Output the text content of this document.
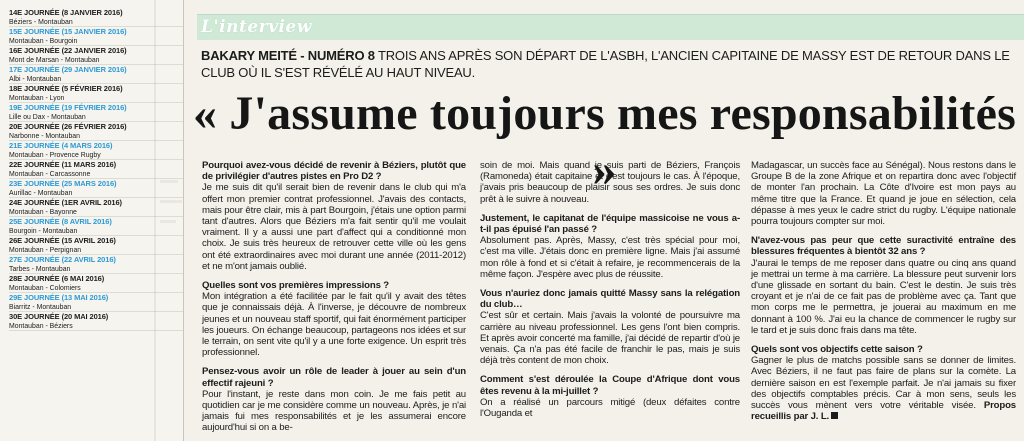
14E JOURNÉE (8 JANVIER 2016)
Béziers - Montauban
15E JOURNÉE (15 JANVIER 2016)
Montauban - Bourgoin
16E JOURNÉE (22 JANVIER 2016)
Mont de Marsan - Montauban
17E JOURNÉE (29 JANVIER 2016)
Albi - Montauban
18E JOURNÉE (5 FÉVRIER 2016)
Montauban - Lyon
19E JOURNÉE (19 FÉVRIER 2016)
Lille ou Dax - Montauban
20E JOURNÉE (26 FÉVRIER 2016)
Narbonne - Montauban
21E JOURNÉE (4 MARS 2016)
Montauban - Provence Rugby
22E JOURNÉE (11 MARS 2016)
Montauban - Carcassonne
23E JOURNÉE (25 MARS 2016)
Aurillac - Montauban
24E JOURNÉE (1ER AVRIL 2016)
Montauban - Bayonne
25E JOURNÉE (8 AVRIL 2016)
Bourgoin - Montauban
26E JOURNÉE (15 AVRIL 2016)
Montauban - Perpignan
27E JOURNÉE (22 AVRIL 2016)
Tarbes - Montauban
28E JOURNÉE (6 MAI 2016)
Montauban - Colomiers
29E JOURNÉE (13 MAI 2016)
Biarritz - Montauban
30E JOURNÉE (20 MAI 2016)
Montauban - Béziers
L'interview
BAKARY MEITÉ - NUMÉRO 8 TROIS ANS APRÈS SON DÉPART DE L'ASBH, L'ANCIEN CAPITAINE DE MASSY EST DE RETOUR DANS LE CLUB OÙ IL S'EST RÉVÉLÉ AU HAUT NIVEAU.
« J'assume toujours mes responsabilités »

Pourquoi avez-vous décidé de revenir à Béziers, plutôt que de privilégier d'autres pistes en Pro D2 ?

Je me suis dit qu'il serait bien de revenir dans le club qui m'a offert mon premier contrat professionnel. J'avais des contacts, mais pour être clair, mis à part Bourgoin, j'étais une option parmi tant d'autres. Alors que Béziers m'a fait sentir qu'il me voulait vraiment. Il y a aussi une part d'affect qui a conditionné mon choix. Je suis très heureux de retrouver cette ville où les gens ont été extraordinaires avec moi durant une année (2011-2012) et ne m'ont jamais oublié.

Quelles sont vos premières impressions ?

Mon intégration a été facilitée par le fait qu'il y avait des têtes que je connaissais déjà. À l'inverse, je découvre de nombreux jeunes et un nouveau staff sportif, qui fait énormément participer les joueurs. On échange beaucoup, partageons nos idées et sur le terrain, on sent vite qu'il y a une forte exigence. Un esprit très professionnel.

Pensez-vous avoir un rôle de leader à jouer au sein d'un effectif rajeuni ?

Pour l'instant, je reste dans mon coin. Je me fais petit au quotidien car je me considère comme un nouveau. Après, je n'ai jamais fui mes responsabilités et je les assumerai encore aujourd'hui si on a be-

soin de moi. Mais quand je suis parti de Béziers, François (Ramoneda) était capitaine et c'est toujours le cas. À l'époque, j'avais pris beaucoup de plaisir sous ses ordres. Je suis donc prêt à le suivre à nouveau.

Justement, le capitanat de l'équipe massicoise ne vous a-t-il pas épuisé l'an passé ?

Absolument pas. Après, Massy, c'est très spécial pour moi, c'est ma ville. J'étais donc en première ligne. Mais j'ai assumé mon rôle à fond et si c'était à refaire, je recommencerais de la même façon. J'espère avec plus de réussite.

Vous n'auriez donc jamais quitté Massy sans la relégation du club…

C'est sûr et certain. Mais j'avais la volonté de poursuivre ma carrière au niveau professionnel. Les gens l'ont bien compris. Et après avoir concerté ma famille, j'ai décidé de repartir d'où je venais. Ça n'a pas été facile de franchir le pas, mais je suis déjà très content de mon choix.

Comment s'est déroulée la Coupe d'Afrique dont vous êtes revenu à la mi-juillet ?

On a réalisé un parcours mitigé (deux défaites contre l'Ouganda et

Madagascar, un succès face au Sénégal). Nous restons dans le Groupe B de la zone Afrique et on repartira donc avec l'objectif de monter l'an prochain. La Côte d'Ivoire est mon pays au même titre que la France. Et quand je joue en sélection, cela dépasse à mes yeux le cadre strict du rugby. L'équipe nationale pourra toujours compter sur moi.

N'avez-vous pas peur que cette suractivité entraîne des blessures fréquentes à bientôt 32 ans ?

J'aurai le temps de me reposer dans quatre ou cinq ans quand je mettrai un terme à ma carrière. La blessure peut survenir lors d'une glissade en sortant du bain. C'est le destin. Je suis très croyant et je n'ai de ce fait pas de problème avec ça. Tant que mon corps me le permettra, je jouerai au maximum en me donnant à 100 %. J'ai eu la chance de commencer le rugby sur le tard et je suis donc frais dans ma tête.

Quels sont vos objectifs cette saison ?

Gagner le plus de matchs possible sans se donner de limites. Avec Béziers, il ne faut pas faire de plans sur la comète. La dernière saison en est l'exemple parfait. Je n'ai jamais su fixer des objectifs comptables précis. Car à mon sens, seuls les succès vous mènent vers votre véritable visée. Propos recueillis par J. L.
